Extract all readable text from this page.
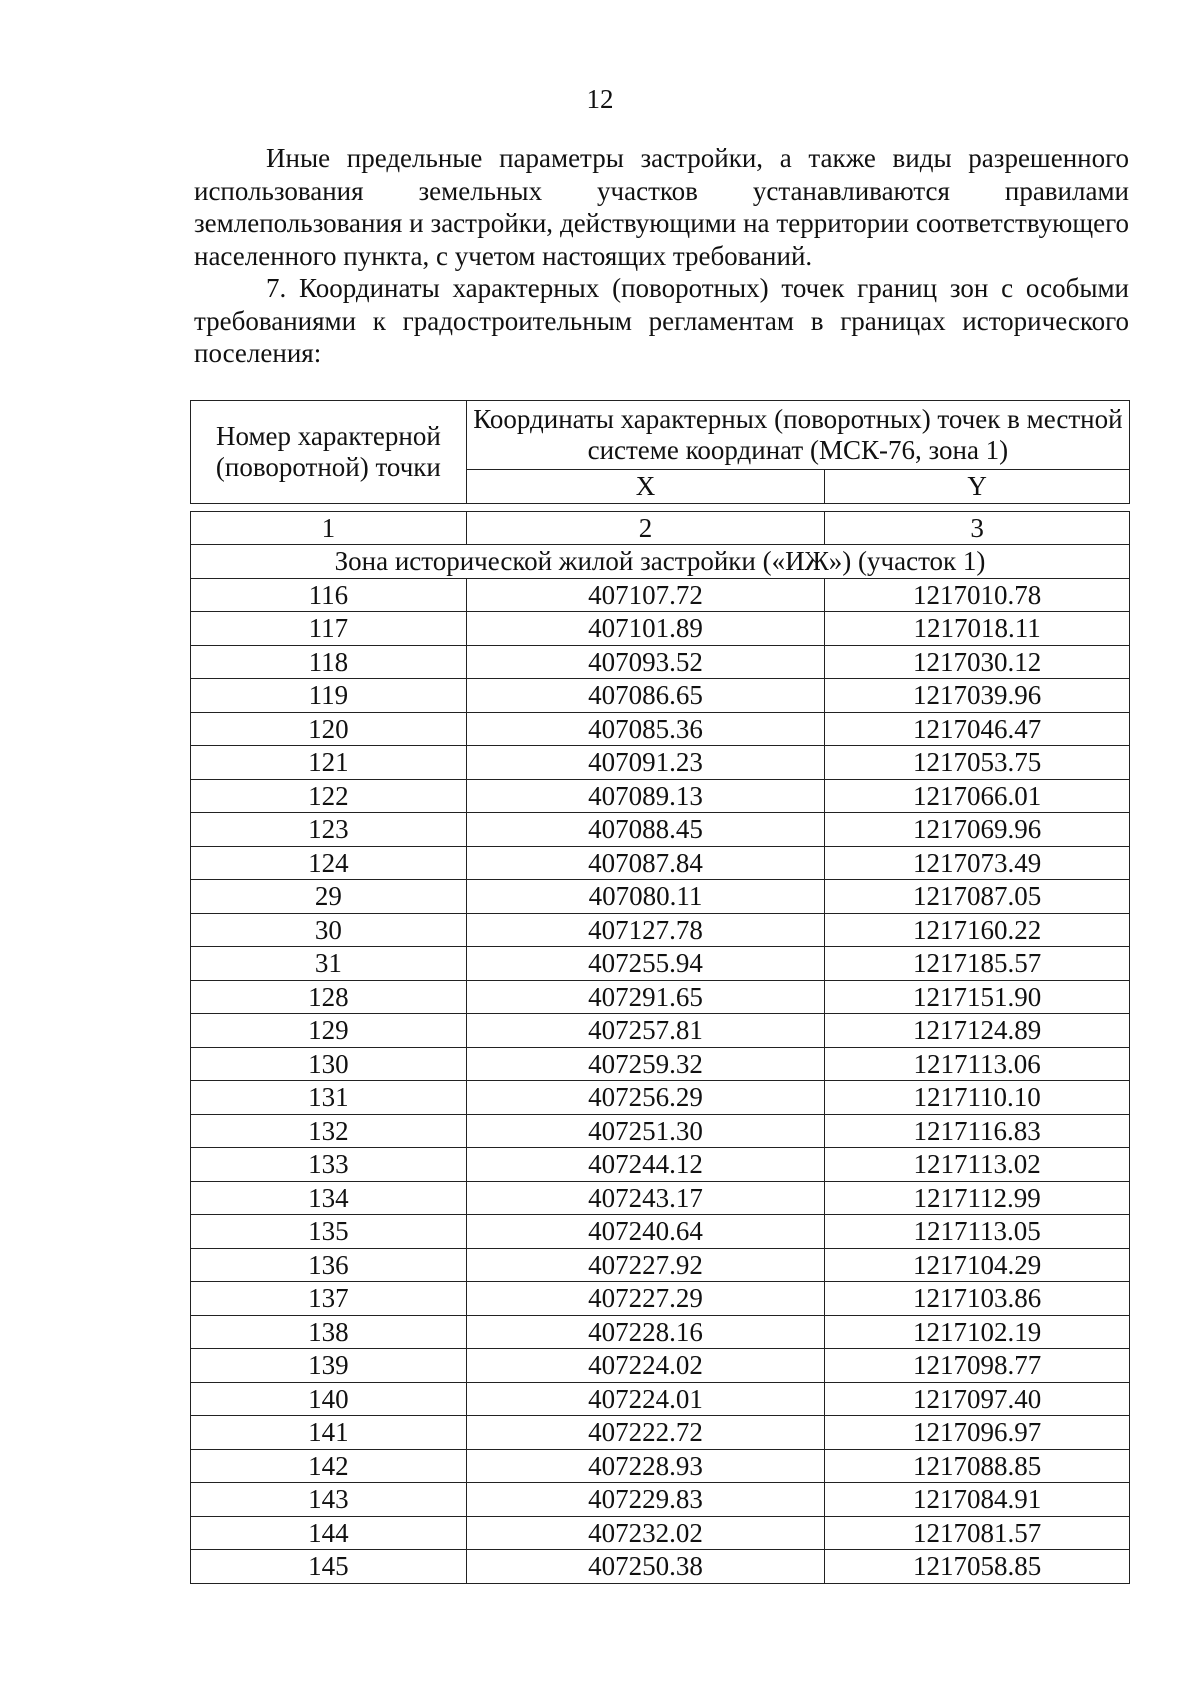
12

Иные предельные параметры застройки, а также виды разрешенного использования земельных участков устанавливаются правилами землепользования и застройки, действующими на территории соответствующего населенного пункта, с учетом настоящих требований.

7. Координаты характерных (поворотных) точек границ зон с особыми требованиями к градостроительным регламентам в границах исторического поселения:

Номер характерной (поворотной) точки	Координаты характерных (поворотных) точек в местной системе координат (МСК-76, зона 1)	
	X	Y

1	2	3
Зона исторической жилой застройки («ИЖ») (участок 1)		
116	407107.72	1217010.78
117	407101.89	1217018.11
118	407093.52	1217030.12
119	407086.65	1217039.96
120	407085.36	1217046.47
121	407091.23	1217053.75
122	407089.13	1217066.01
123	407088.45	1217069.96
124	407087.84	1217073.49
29	407080.11	1217087.05
30	407127.78	1217160.22
31	407255.94	1217185.57
128	407291.65	1217151.90
129	407257.81	1217124.89
130	407259.32	1217113.06
131	407256.29	1217110.10
132	407251.30	1217116.83
133	407244.12	1217113.02
134	407243.17	1217112.99
135	407240.64	1217113.05
136	407227.92	1217104.29
137	407227.29	1217103.86
138	407228.16	1217102.19
139	407224.02	1217098.77
140	407224.01	1217097.40
141	407222.72	1217096.97
142	407228.93	1217088.85
143	407229.83	1217084.91
144	407232.02	1217081.57
145	407250.38	1217058.85
